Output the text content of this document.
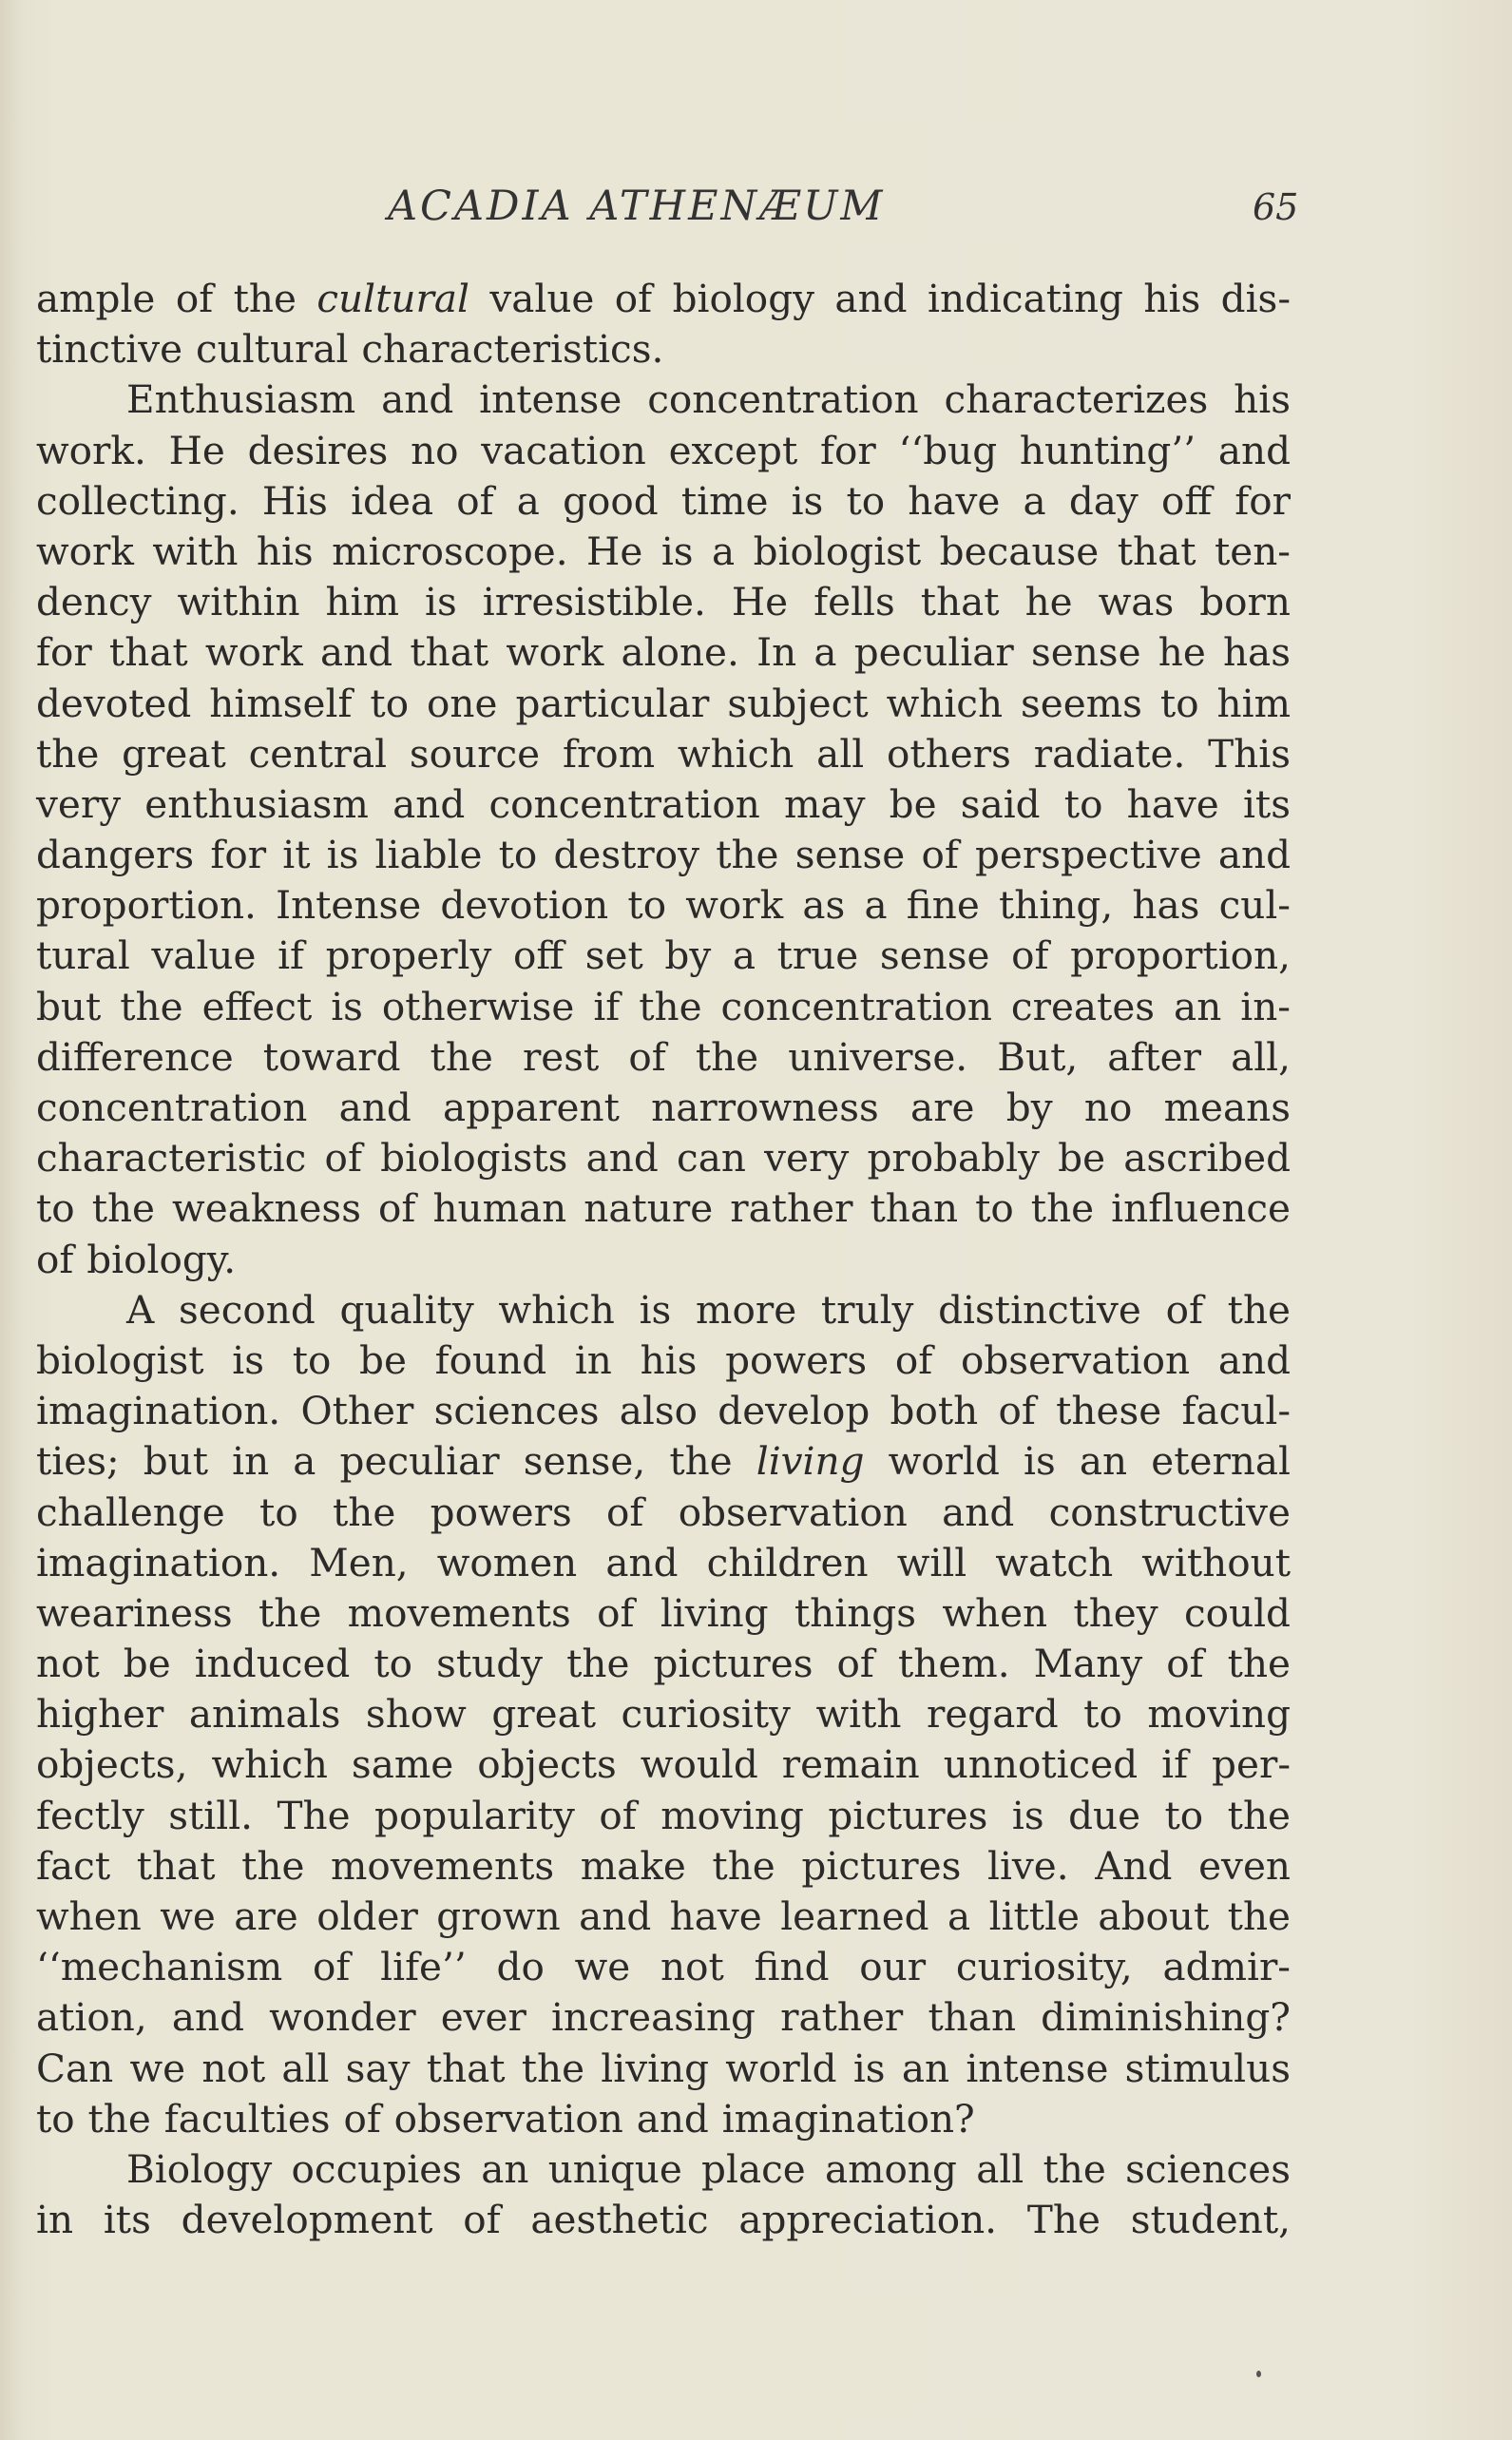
ACADIA ATHENÆUM	65
ample of the cultural value of biology and indicating his dis-
tinctive cultural characteristics.
Enthusiasm and intense concentration characterizes his
work. He desires no vacation except for ‘‘bug hunting’’ and
collecting. His idea of a good time is to have a day off for
work with his microscope. He is a biologist because that ten-
dency within him is irresistible. He fells that he was born
for that work and that work alone. In a peculiar sense he has
devoted himself to one particular subject which seems to him
the great central source from which all others radiate. This
very enthusiasm and concentration may be said to have its
dangers for it is liable to destroy the sense of perspective and
proportion. Intense devotion to work as a fine thing, has cul-
tural value if properly off set by a true sense of proportion,
but the effect is otherwise if the concentration creates an in-
difference toward the rest of the universe. But, after all,
concentration and apparent narrowness are by no means
characteristic of biologists and can very probably be ascribed
to the weakness of human nature rather than to the influence
of biology.
A second quality which is more truly distinctive of the
biologist is to be found in his powers of observation and
imagination. Other sciences also develop both of these facul-
ties; but in a peculiar sense, the living world is an eternal
challenge to the powers of observation and constructive
imagination. Men, women and children will watch without
weariness the movements of living things when they could
not be induced to study the pictures of them. Many of the
higher animals show great curiosity with regard to moving
objects, which same objects would remain unnoticed if per-
fectly still. The popularity of moving pictures is due to the
fact that the movements make the pictures live. And even
when we are older grown and have learned a little about the
‘‘mechanism of life’’ do we not find our curiosity, admir-
ation, and wonder ever increasing rather than diminishing?
Can we not all say that the living world is an intense stimulus
to the faculties of observation and imagination?
Biology occupies an unique place among all the sciences
in its development of aesthetic appreciation. The student,
